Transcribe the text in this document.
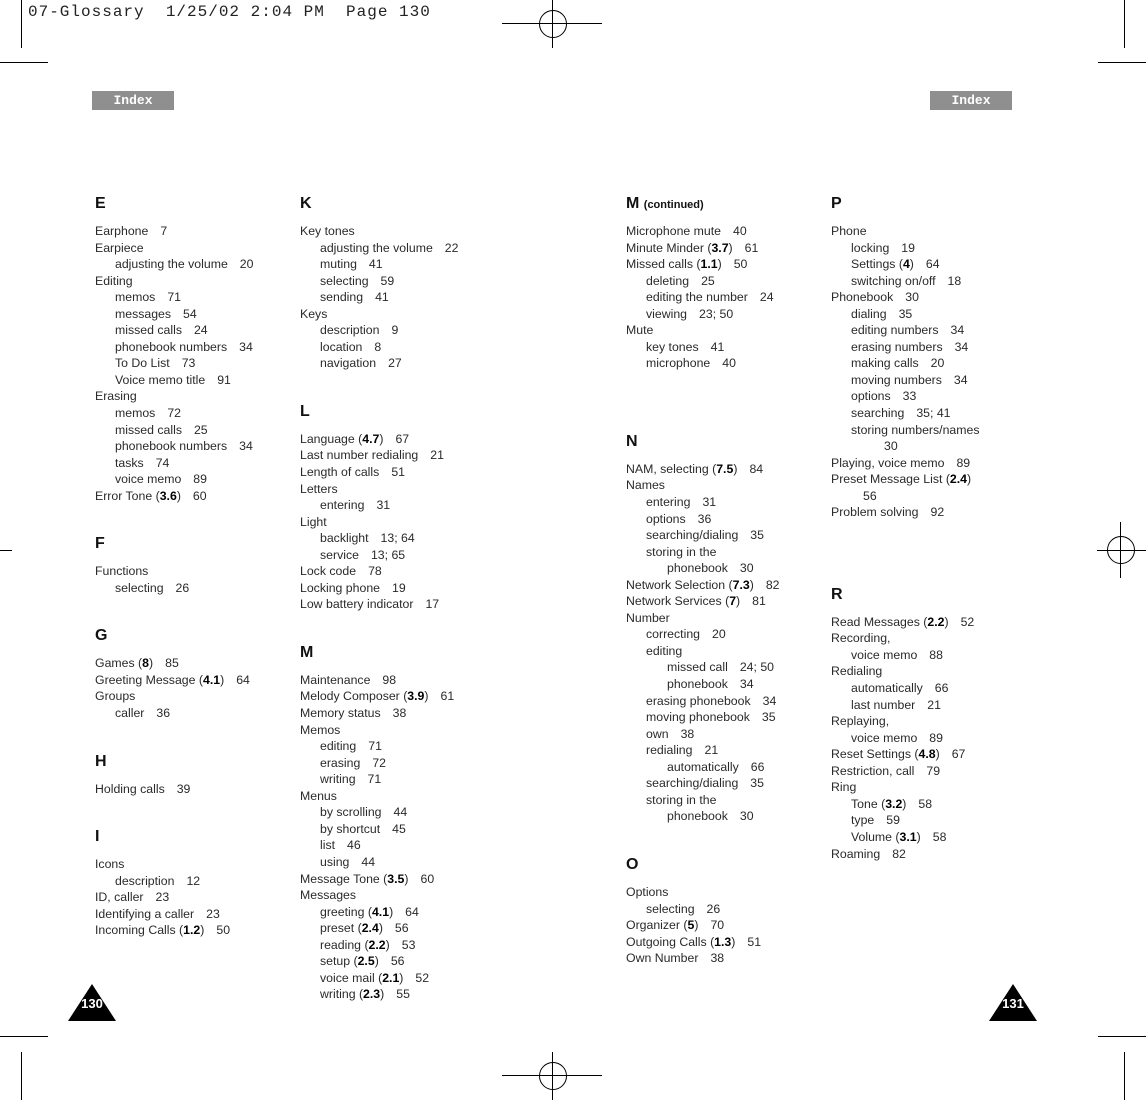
07-Glossary  1/25/02 2:04 PM  Page 130
Index	Index
E
Earphone 7
Earpiece
adjusting the volume 20
Editing
memos 71
messages 54
missed calls 24
phonebook numbers 34
To Do List 73
Voice memo title 91
Erasing
memos 72
missed calls 25
phonebook numbers 34
tasks 74
voice memo 89
Error Tone (3.6) 60
F
Functions
selecting 26
G
Games (8) 85
Greeting Message (4.1) 64
Groups
caller 36
H
Holding calls 39
I
Icons
description 12
ID, caller 23
Identifying a caller 23
Incoming Calls (1.2) 50
K
Key tones
adjusting the volume 22
muting 41
selecting 59
sending 41
Keys
description 9
location 8
navigation 27
L
Language (4.7) 67
Last number redialing 21
Length of calls 51
Letters
entering 31
Light
backlight 13; 64
service 13; 65
Lock code 78
Locking phone 19
Low battery indicator 17
M
Maintenance 98
Melody Composer (3.9) 61
Memory status 38
Memos
editing 71
erasing 72
writing 71
Menus
by scrolling 44
by shortcut 45
list 46
using 44
Message Tone (3.5) 60
Messages
greeting (4.1) 64
preset (2.4) 56
reading (2.2) 53
setup (2.5) 56
voice mail (2.1) 52
writing (2.3) 55
M (continued)
Microphone mute 40
Minute Minder (3.7) 61
Missed calls (1.1) 50
deleting 25
editing the number 24
viewing 23; 50
Mute
key tones 41
microphone 40
N
NAM, selecting (7.5) 84
Names
entering 31
options 36
searching/dialing 35
storing in the
phonebook 30
Network Selection (7.3) 82
Network Services (7) 81
Number
correcting 20
editing
missed call 24; 50
phonebook 34
erasing phonebook 34
moving phonebook 35
own 38
redialing 21
automatically 66
searching/dialing 35
storing in the
phonebook 30
O
Options
selecting 26
Organizer (5) 70
Outgoing Calls (1.3) 51
Own Number 38
P
Phone
locking 19
Settings (4) 64
switching on/off 18
Phonebook 30
dialing 35
editing numbers 34
erasing numbers 34
making calls 20
moving numbers 34
options 33
searching 35; 41
storing numbers/names
30
Playing, voice memo 89
Preset Message List (2.4)
56
Problem solving 92
R
Read Messages (2.2) 52
Recording,
voice memo 88
Redialing
automatically 66
last number 21
Replaying,
voice memo 89
Reset Settings (4.8) 67
Restriction, call 79
Ring
Tone (3.2) 58
type 59
Volume (3.1) 58
Roaming 82
130	131
